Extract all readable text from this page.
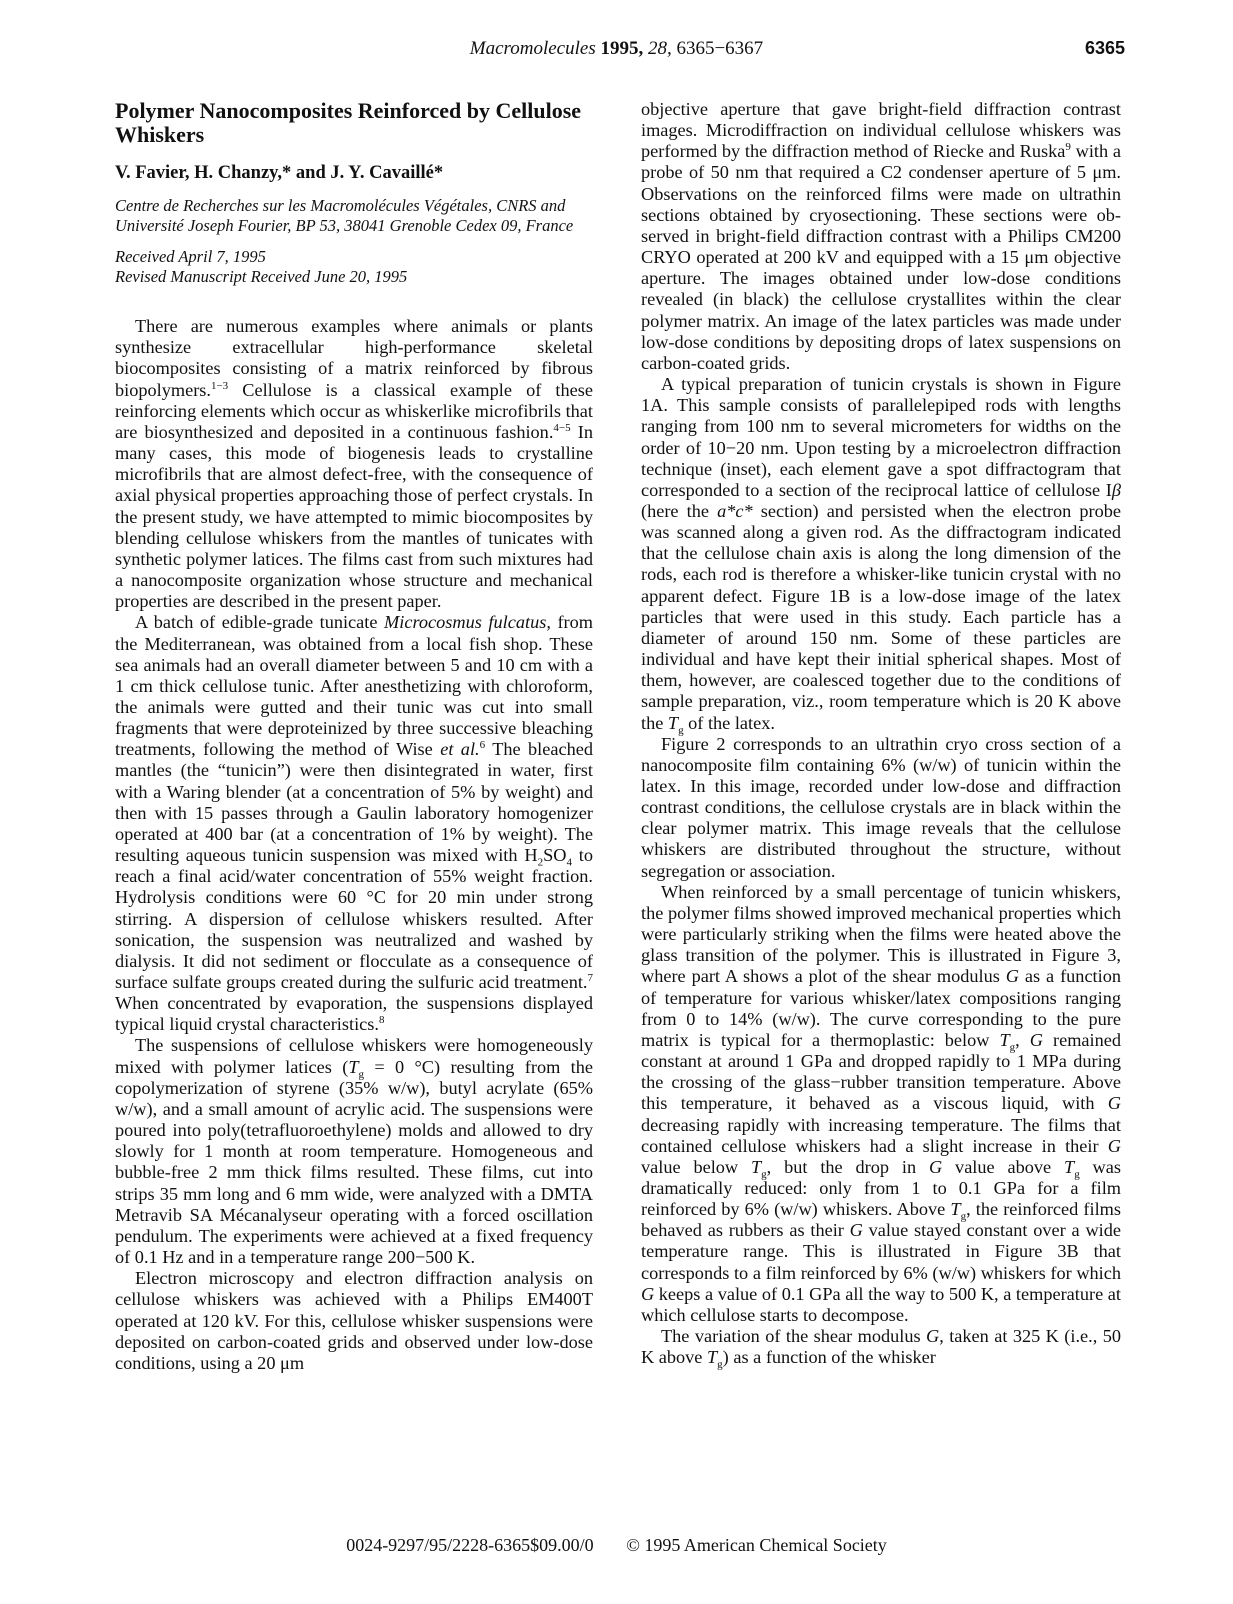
Macromolecules 1995, 28, 6365−6367	6365
Polymer Nanocomposites Reinforced by Cellulose Whiskers
V. Favier, H. Chanzy,* and J. Y. Cavaillé*
Centre de Recherches sur les Macromolécules Végétales, CNRS and Université Joseph Fourier, BP 53, 38041 Grenoble Cedex 09, France
Received April 7, 1995
Revised Manuscript Received June 20, 1995

There are numerous examples where animals or plants synthesize extracellular high-performance skeletal biocomposites consisting of a matrix reinforced by fibrous biopolymers.$^{1-3}$ Cellulose is a classical example of these reinforcing elements which occur as whiskerlike microfibrils that are biosynthesized and deposited in a continuous fashion.$^{4-5}$ In many cases, this mode of biogenesis leads to crystalline microfibrils that are almost defect-free, with the consequence of axial physical properties approaching those of perfect crystals. In the present study, we have attempted to mimic biocomposites by blending cellulose whiskers from the mantles of tunicates with synthetic polymer latices. The films cast from such mixtures had a nanocomposite organization whose structure and mechanical properties are described in the present paper.

A batch of edible-grade tunicate Microcosmus fulcatus, from the Mediterranean, was obtained from a local fish shop. These sea animals had an overall diameter between 5 and 10 cm with a 1 cm thick cellulose tunic. After anesthetizing with chloroform, the animals were gutted and their tunic was cut into small fragments that were deproteinized by three successive bleaching treatments, following the method of Wise et al.$^6$ The bleached mantles (the “tunicin”) were then disintegrated in water, first with a Waring blender (at a concentration of 5% by weight) and then with 15 passes through a Gaulin laboratory homogenizer operated at 400 bar (at a concentration of 1% by weight). The resulting aqueous tunicin suspension was mixed with $H_2SO_4$ to reach a final acid/water concentration of 55% weight fraction. Hydrolysis conditions were 60 °C for 20 min under strong stirring. A dispersion of cellulose whiskers resulted. After sonication, the suspension was neutralized and washed by dialysis. It did not sediment or flocculate as a consequence of surface sulfate groups created during the sulfuric acid treatment.$^7$ When concentrated by evaporation, the suspensions displayed typical liquid crystal characteristics.$^8$

The suspensions of cellulose whiskers were homogeneously mixed with polymer latices ($T_g = 0$ °C) resulting from the copolymerization of styrene (35% w/w), butyl acrylate (65% w/w), and a small amount of acrylic acid. The suspensions were poured into poly(tetrafluoroethylene) molds and allowed to dry slowly for 1 month at room temperature. Homogeneous and bubble-free 2 mm thick films resulted. These films, cut into strips 35 mm long and 6 mm wide, were analyzed with a DMTA Metravib SA Mécanalyseur operating with a forced oscillation pendulum. The experiments were achieved at a fixed frequency of 0.1 Hz and in a temperature range 200−500 K.

Electron microscopy and electron diffraction analysis on cellulose whiskers was achieved with a Philips EM400T operated at 120 kV. For this, cellulose whisker suspensions were deposited on carbon-coated grids and observed under low-dose conditions, using a 20 μm

objective aperture that gave bright-field diffraction contrast images. Microdiffraction on individual cellulose whiskers was performed by the diffraction method of Riecke and Ruska$^9$ with a probe of 50 nm that required a C2 condenser aperture of 5 μm. Observations on the reinforced films were made on ultrathin sections obtained by cryosectioning. These sections were observed in bright-field diffraction contrast with a Philips CM200 CRYO operated at 200 kV and equipped with a 15 μm objective aperture. The images obtained under low-dose conditions revealed (in black) the cellulose crystallites within the clear polymer matrix. An image of the latex particles was made under low-dose conditions by depositing drops of latex suspensions on carbon-coated grids.

A typical preparation of tunicin crystals is shown in Figure 1A. This sample consists of parallelepiped rods with lengths ranging from 100 nm to several micrometers for widths on the order of 10−20 nm. Upon testing by a microelectron diffraction technique (inset), each element gave a spot diffractogram that corresponded to a section of the reciprocal lattice of cellulose Iβ (here the a*c* section) and persisted when the electron probe was scanned along a given rod. As the diffractogram indicated that the cellulose chain axis is along the long dimension of the rods, each rod is therefore a whisker-like tunicin crystal with no apparent defect. Figure 1B is a low-dose image of the latex particles that were used in this study. Each particle has a diameter of around 150 nm. Some of these particles are individual and have kept their initial spherical shapes. Most of them, however, are coalesced together due to the conditions of sample preparation, viz., room temperature which is 20 K above the $T_g$ of the latex.

Figure 2 corresponds to an ultrathin cryo cross section of a nanocomposite film containing 6% (w/w) of tunicin within the latex. In this image, recorded under low-dose and diffraction contrast conditions, the cellulose crystals are in black within the clear polymer matrix. This image reveals that the cellulose whiskers are distributed throughout the structure, without segregation or association.

When reinforced by a small percentage of tunicin whiskers, the polymer films showed improved mechanical properties which were particularly striking when the films were heated above the glass transition of the polymer. This is illustrated in Figure 3, where part A shows a plot of the shear modulus G as a function of temperature for various whisker/latex compositions ranging from 0 to 14% (w/w). The curve corresponding to the pure matrix is typical for a thermoplastic: below $T_g$, G remained constant at around 1 GPa and dropped rapidly to 1 MPa during the crossing of the glass−rubber transition temperature. Above this temperature, it behaved as a viscous liquid, with G decreasing rapidly with increasing temperature. The films that contained cellulose whiskers had a slight increase in their G value below $T_g$, but the drop in G value above $T_g$ was dramatically reduced: only from 1 to 0.1 GPa for a film reinforced by 6% (w/w) whiskers. Above $T_g$, the reinforced films behaved as rubbers as their G value stayed constant over a wide temperature range. This is illustrated in Figure 3B that corresponds to a film reinforced by 6% (w/w) whiskers for which G keeps a value of 0.1 GPa all the way to 500 K, a temperature at which cellulose starts to decompose.

The variation of the shear modulus G, taken at 325 K (i.e., 50 K above $T_g$) as a function of the whisker

0024-9297/95/2228-6365$09.00/0 © 1995 American Chemical Society
